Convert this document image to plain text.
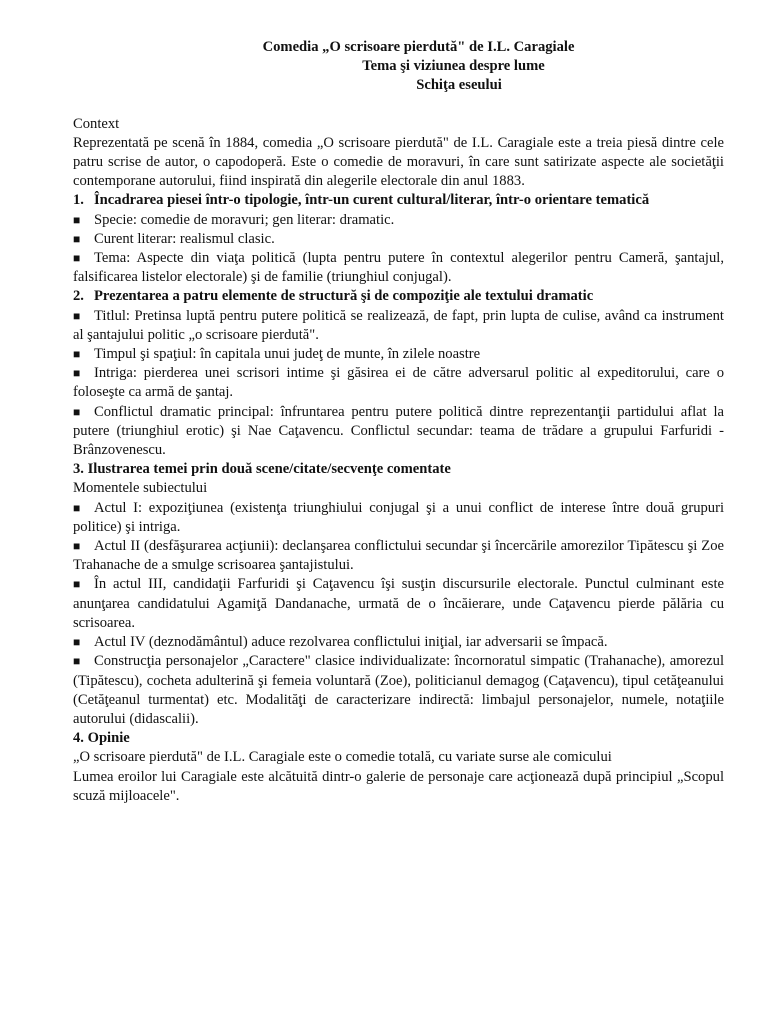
Comedia „O scrisoare pierdută" de I.L. Caragiale
Tema şi viziunea despre lume
Schiţa eseului

Context

Reprezentată pe scenă în 1884, comedia „O scrisoare pierdută" de I.L. Caragiale este a treia piesă dintre cele patru scrise de autor, o capodoperă. Este o comedie de moravuri, în care sunt satirizate aspecte ale societăţii contemporane autorului, fiind inspirată din alegerile electorale din anul 1883.

1. Încadrarea piesei într-o tipologie, într-un curent cultural/literar, într-o orientare tematică

■ Specie: comedie de moravuri; gen literar: dramatic.

■ Curent literar: realismul clasic.

■ Tema: Aspecte din viaţa politică (lupta pentru putere în contextul alegerilor pentru Cameră, şantajul, falsificarea listelor electorale) şi de familie (triunghiul conjugal).

2. Prezentarea a patru elemente de structură şi de compoziţie ale textului dramatic

■ Titlul: Pretinsa luptă pentru putere politică se realizează, de fapt, prin lupta de culise, având ca instrument al şantajului politic „o scrisoare pierdută".

■ Timpul şi spaţiul: în capitala unui judeţ de munte, în zilele noastre

■ Intriga: pierderea unei scrisori intime şi găsirea ei de către adversarul politic al expeditorului, care o foloseşte ca armă de şantaj.

■ Conflictul dramatic principal: înfruntarea pentru putere politică dintre reprezentanţii partidului aflat la putere (triunghiul erotic) şi Nae Caţavencu. Conflictul secundar: teama de trădare a grupului Farfuridi - Brânzovenescu.

3. Ilustrarea temei prin două scene/citate/secvenţe comentate

Momentele subiectului

■ Actul I: expoziţiunea (existenţa triunghiului conjugal şi a unui conflict de interese între două grupuri politice) şi intriga.

■ Actul II (desfăşurarea acţiunii): declanşarea conflictului secundar şi încercările amorezilor Tipătescu şi Zoe Trahanache de a smulge scrisoarea şantajistului.

■ În actul III, candidaţii Farfuridi şi Caţavencu îşi susţin discursurile electorale. Punctul culminant este anunţarea candidatului Agamiţă Dandanache, urmată de o încăierare, unde Caţavencu pierde pălăria cu scrisoarea.

■ Actul IV (deznodământul) aduce rezolvarea conflictului iniţial, iar adversarii se împacă.

■ Construcţia personajelor „Caractere" clasice individualizate: încornoratul simpatic (Trahanache), amorezul (Tipătescu), cocheta adulterină şi femeia voluntară (Zoe), politicianul demagog (Caţavencu), tipul cetăţeanului (Cetăţeanul turmentat) etc. Modalităţi de caracterizare indirectă: limbajul personajelor, numele, notaţiile autorului (didascalii).

4. Opinie

„O scrisoare pierdută" de I.L. Caragiale este o comedie totală, cu variate surse ale comicului

Lumea eroilor lui Caragiale este alcătuită dintr-o galerie de personaje care acţionează după principiul „Scopul scuză mijloacele".
